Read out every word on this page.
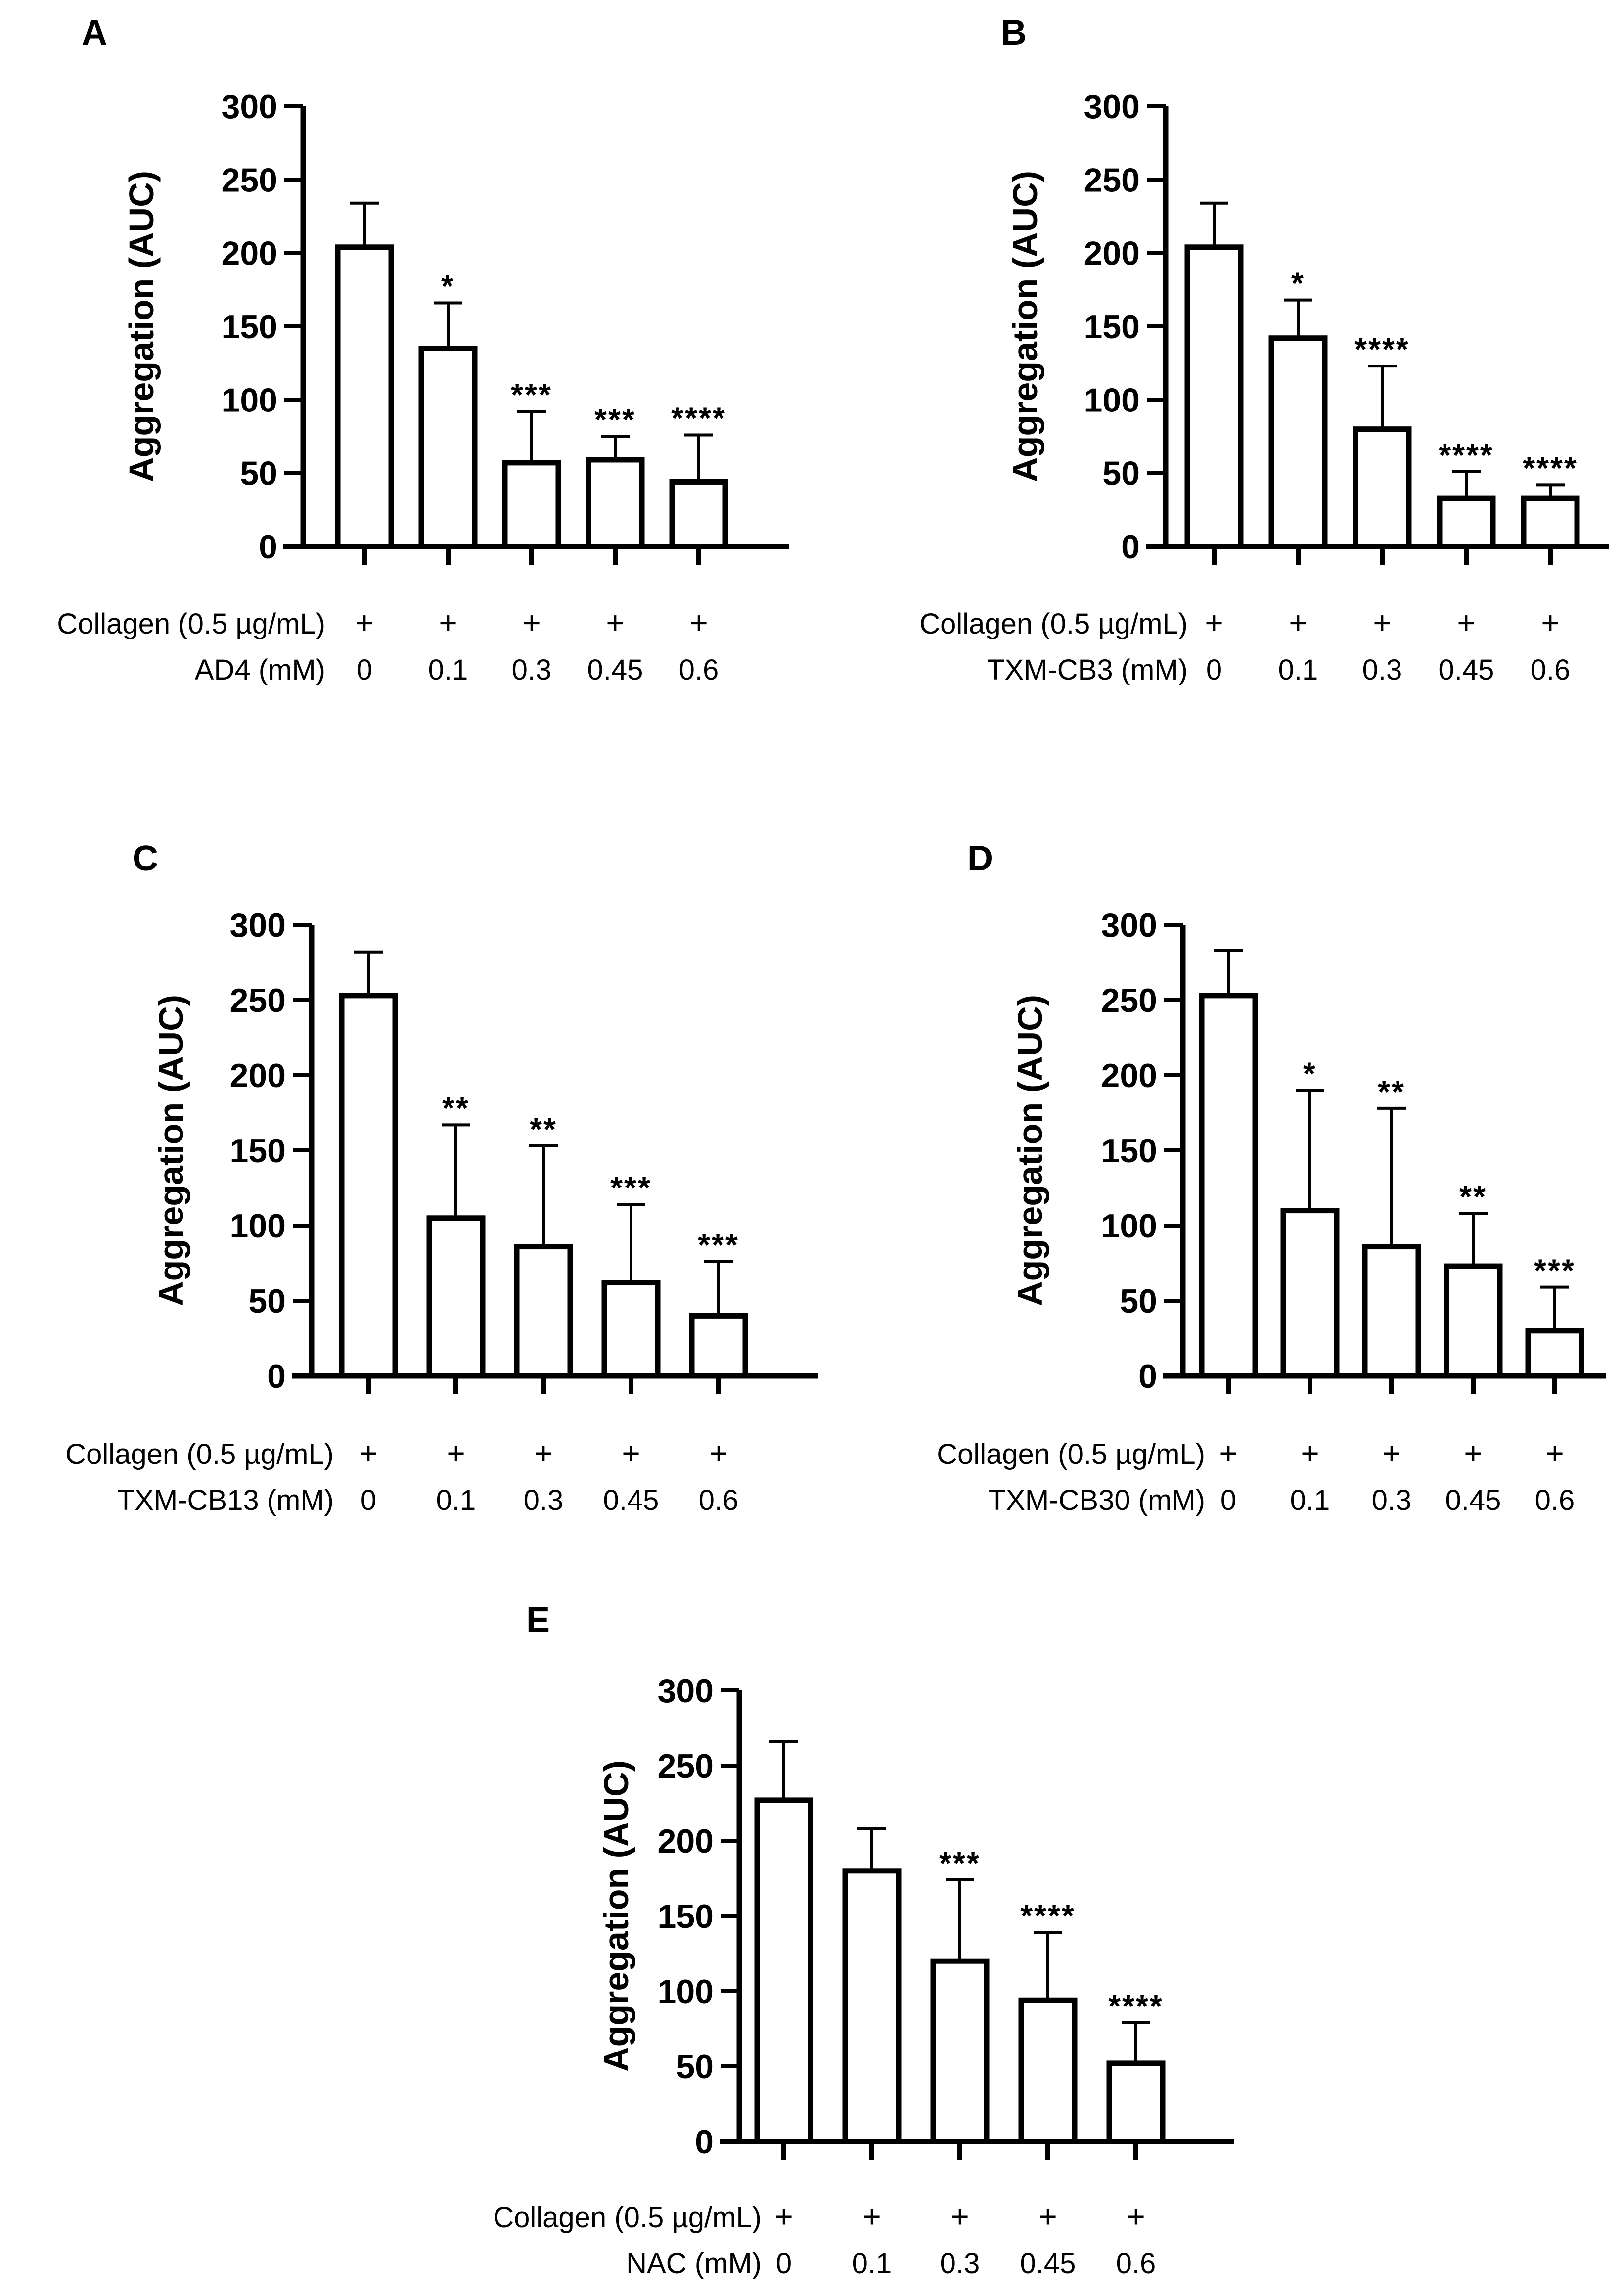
A
+
0
*
+
0.1
***
+
0.3
***
+
0.45
****
+
0.6
0
50
100
150
200
250
300
Aggregation (AUC)
Collagen (0.5 µg/mL)
AD4 (mM)
B
+
0
*
+
0.1
****
+
0.3
****
+
0.45
****
+
0.6
0
50
100
150
200
250
300
Aggregation (AUC)
Collagen (0.5 µg/mL)
TXM-CB3 (mM)
C
+
0
**
+
0.1
**
+
0.3
***
+
0.45
***
+
0.6
0
50
100
150
200
250
300
Aggregation (AUC)
Collagen (0.5 µg/mL)
TXM-CB13 (mM)
D
+
0
*
+
0.1
**
+
0.3
**
+
0.45
***
+
0.6
0
50
100
150
200
250
300
Aggregation (AUC)
Collagen (0.5 µg/mL)
TXM-CB30 (mM)
E
+
0
+
0.1
***
+
0.3
****
+
0.45
****
+
0.6
0
50
100
150
200
250
300
Aggregation (AUC)
Collagen (0.5 µg/mL)
NAC (mM)
